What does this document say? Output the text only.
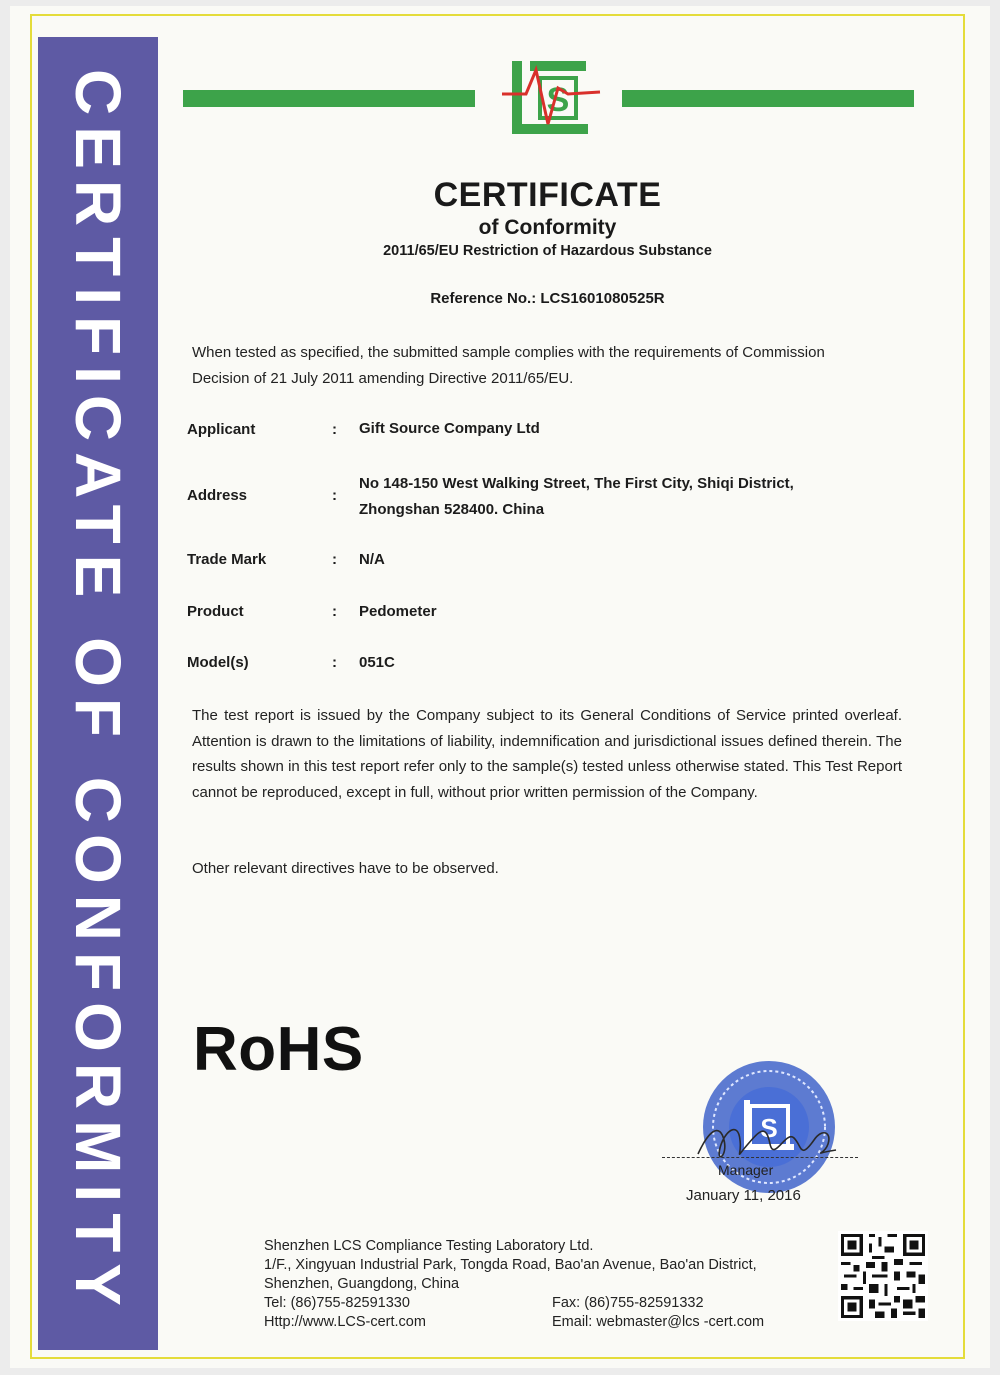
CERTIFICATE OF CONFORMITY	S
CERTIFICATE
of Conformity
2011/65/EU Restriction of Hazardous Substance
Reference No.: LCS1601080525R

When tested as specified, the submitted sample complies with the requirements of Commission
Decision of 21 July 2011 amending Directive 2011/65/EU.

Applicant	: Gift Source Company Ltd
Address	:
No 148-150 West Walking Street, The First City, Shiqi District,
Zhongshan 528400. China
Trade Mark	: N/A
Product	: Pedometer
Model(s)	: 051C

The test report is issued by the Company subject to its General Conditions of Service printed overleaf. Attention is drawn to the limitations of liability, indemnification and jurisdictional issues defined therein. The results shown in this test report refer only to the sample(s) tested unless otherwise stated. This Test Report cannot be reproduced, except in full, without prior written permission of the Company.

Other relevant directives have to be observed.

RoHS
S
Manager
January 11, 2016
Shenzhen LCS Compliance Testing Laboratory Ltd.
1/F., Xingyuan Industrial Park, Tongda Road, Bao'an Avenue, Bao'an District,
Shenzhen, Guangdong, China
Tel: (86)755-82591330	Fax: (86)755-82591332
Http://www.LCS-cert.com	Email: webmaster@lcs -cert.com
